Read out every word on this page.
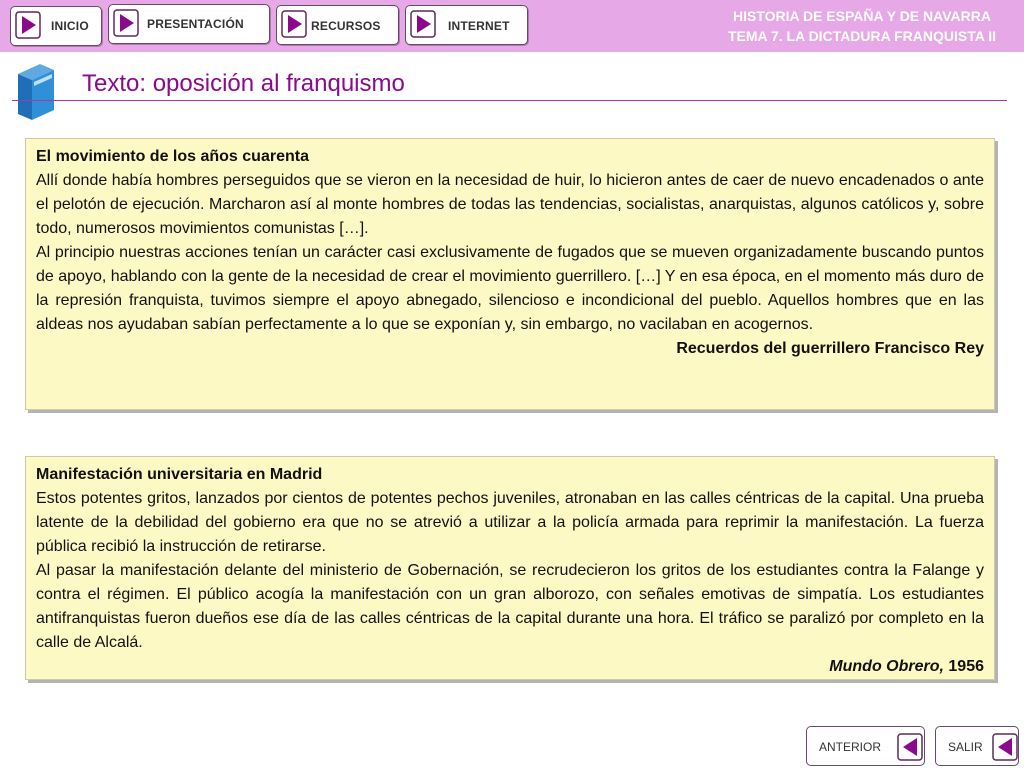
INICIO	PRESENTACIÓN	RECURSOS	INTERNET
HISTORIA DE ESPAÑA Y DE NAVARRA
TEMA 7. LA DICTADURA FRANQUISTA II
Texto: oposición al franquismo

El movimiento de los años cuarenta

Allí donde había hombres perseguidos que se vieron en la necesidad de huir, lo hicieron antes de caer de nuevo encadenados o ante el pelotón de ejecución. Marcharon así al monte hombres de todas las tendencias, socialistas, anarquistas, algunos católicos y, sobre todo, numerosos movimientos comunistas […].

Al principio nuestras acciones tenían un carácter casi exclusivamente de fugados que se mueven organizadamente buscando puntos de apoyo, hablando con la gente de la necesidad de crear el movimiento guerrillero. […] Y en esa época, en el momento más duro de la represión franquista, tuvimos siempre el apoyo abnegado, silencioso e incondicional del pueblo. Aquellos hombres que en las aldeas nos ayudaban sabían perfectamente a lo que se exponían y, sin embargo, no vacilaban en acogernos.

Recuerdos del guerrillero Francisco Rey

Manifestación universitaria en Madrid

Estos potentes gritos, lanzados por cientos de potentes pechos juveniles, atronaban en las calles céntricas de la capital. Una prueba latente de la debilidad del gobierno era que no se atrevió a utilizar a la policía armada para reprimir la manifestación. La fuerza pública recibió la instrucción de retirarse.

Al pasar la manifestación delante del ministerio de Gobernación, se recrudecieron los gritos de los estudiantes contra la Falange y contra el régimen. El público acogía la manifestación con un gran alborozo, con señales emotivas de simpatía. Los estudiantes antifranquistas fueron dueños ese día de las calles céntricas de la capital durante una hora. El tráfico se paralizó por completo en la calle de Alcalá.

Mundo Obrero, 1956

ANTERIOR	SALIR
